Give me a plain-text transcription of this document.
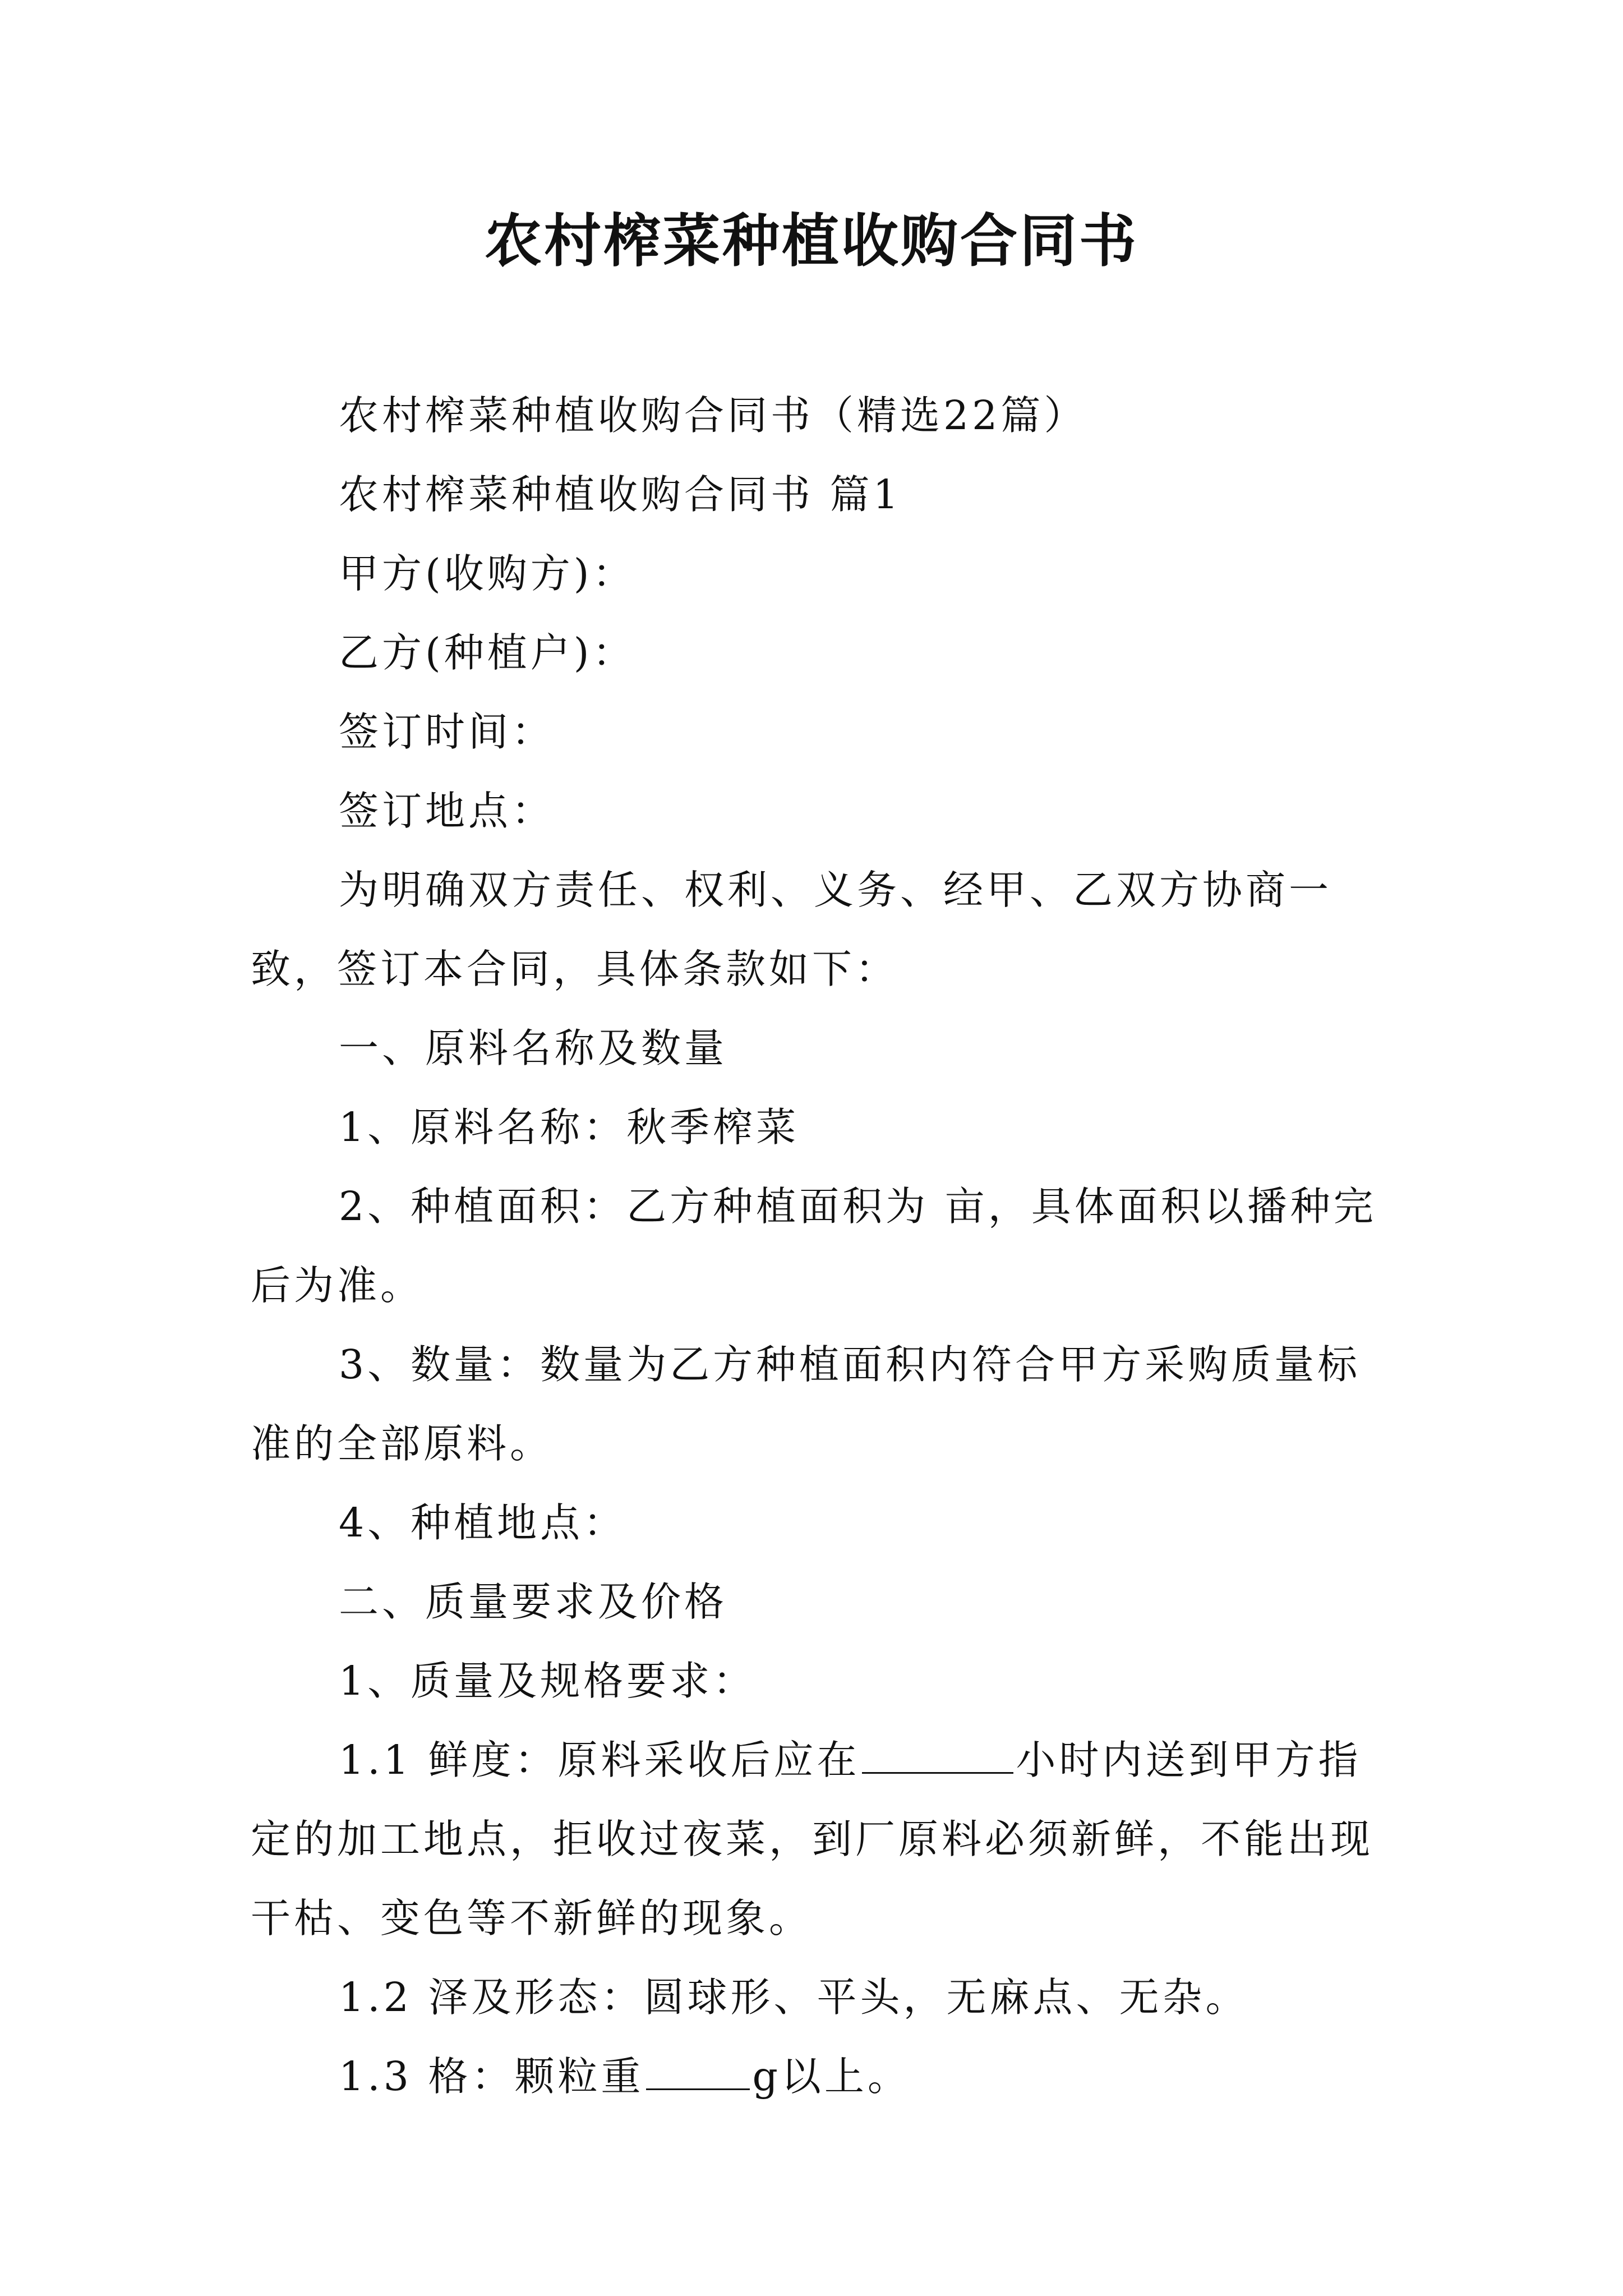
农村榨菜种植收购合同书

农村榨菜种植收购合同书（精选22篇）

农村榨菜种植收购合同书 篇1

甲方(收购方)：

乙方(种植户)：

签订时间：

签订地点：

为明确双方责任、权利、义务、经甲、乙双方协商一致，签订本合同，具体条款如下：

一、原料名称及数量

1、原料名称：秋季榨菜

2、种植面积：乙方种植面积为 亩，具体面积以播种完后为准。

3、数量：数量为乙方种植面积内符合甲方采购质量标准的全部原料。

4、种植地点：

二、质量要求及价格

1、质量及规格要求：

1.1 鲜度：原料采收后应在	小时内送到甲方指定的加工地点，拒收过夜菜，到厂原料必须新鲜，不能出现干枯、变色等不新鲜的现象。

1.2 泽及形态：圆球形、平头，无麻点、无杂。

1.3 格：颗粒重	g以上。
